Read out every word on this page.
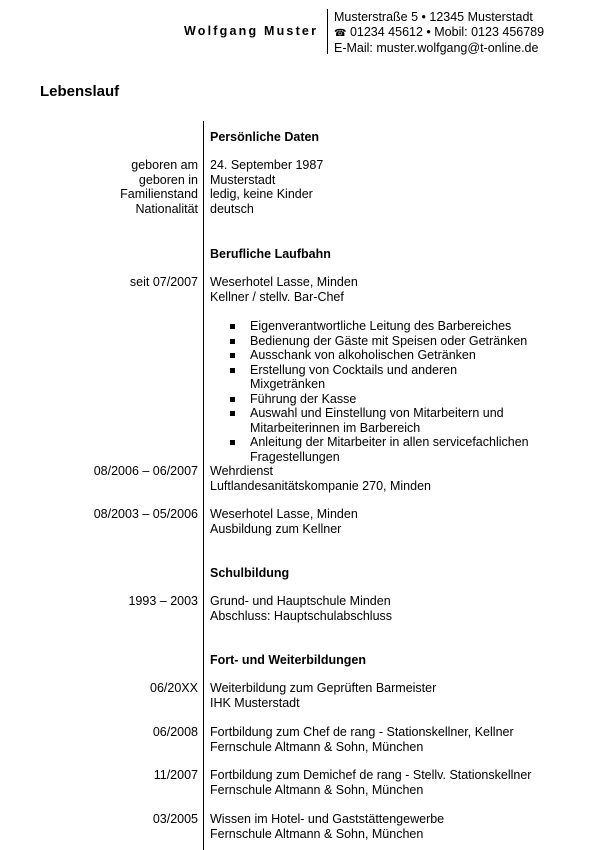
Wolfgang Muster
Musterstraße 5 • 12345 Musterstadt
☎ 01234 45612 • Mobil: 0123 456789
E-Mail: muster.wolfgang@t-online.de
Lebenslauf
Persönliche Daten
geboren am
geboren in
Familienstand
Nationalität
24. September 1987
Musterstadt
ledig, keine Kinder
deutsch
Berufliche Laufbahn
seit 07/2007 Weserhotel Lasse, Minden
Kellner / stellv. Bar-Chef
Eigenverantwortliche Leitung des Barbereiches
Bedienung der Gäste mit Speisen oder Getränken
Ausschank von alkoholischen Getränken
Erstellung von Cocktails und anderen Mixgetränken
Führung der Kasse
Auswahl und Einstellung von Mitarbeitern und Mitarbeiterinnen im Barbereich
Anleitung der Mitarbeiter in allen servicefachlichen Fragestellungen
08/2006 – 06/2007 Wehrdienst
Luftlandesanitätskompanie 270, Minden
08/2003 – 05/2006 Weserhotel Lasse, Minden
Ausbildung zum Kellner
Schulbildung
1993 – 2003 Grund- und Hauptschule Minden
Abschluss: Hauptschulabschluss
Fort- und Weiterbildungen
06/20XX Weiterbildung zum Geprüften Barmeister
IHK Musterstadt
06/2008 Fortbildung zum Chef de rang - Stationskellner, Kellner
Fernschule Altmann & Sohn, München
11/2007 Fortbildung zum Demichef de rang - Stellv. Stationskellner
Fernschule Altmann & Sohn, München
03/2005 Wissen im Hotel- und Gaststättengewerbe
Fernschule Altmann & Sohn, München
